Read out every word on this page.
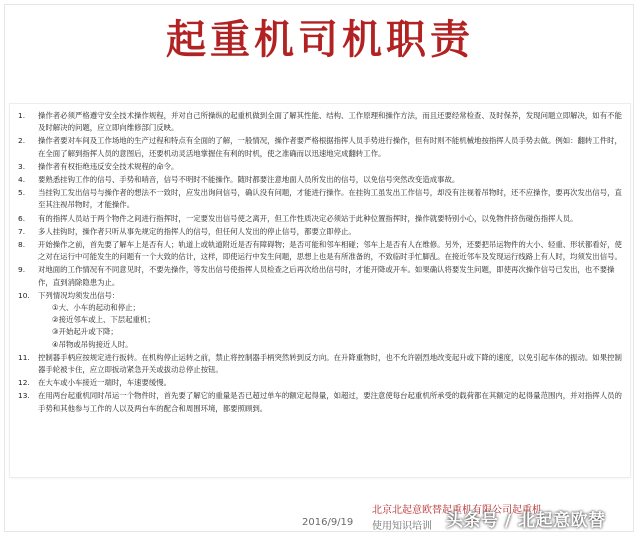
起重机司机职责
1. 操作者必须严格遵守安全技术操作规程，并对自己所操纵的起重机做到全面了解其性能、结构、工作原理和操作方法，而且还要经常检查、及时保养，发现问题立即解决，如有不能及时解决的问题，应立即向维修部门反映。
2. 操作者要对车间及工作场地的生产过程和特点有全面的了解，一般情况，操作者要严格根据指挥人员手势进行操作，但有时则不能机械地按指挥人员手势去做。例如：翻转工件时，在全面了解到指挥人员的意图后，还要机动灵活地掌握住有利的时机，使之准确而以迅速地完成翻转工作。
3. 操作者有权拒绝违反安全技术规程的命令。
4. 要熟悉挂钩工作的信号、手势和哨音，信号不明时不能操作。随时都要注意地面人员所发出的信号，以免信号突然改变造成事故。
5. 当挂钩工发出信号与操作者的想法不一致时，应发出询问信号，确认没有问题，才能进行操作。在挂钩工虽发出工作信号，却没有注视着吊物时，还不应操作，要再次发出信号，直至其注视吊物时，才能操作。
6. 有的指挥人员站于两个物件之间进行指挥时，一定要发出信号使之离开，但工作性质决定必须站于此种位置指挥时，操作就要特别小心，以免物件挤伤碰伤指挥人员。
7. 多人挂钩时，操作者只听从事先规定的指挥人的信号，但任何人发出的停止信号，都要立即停止。
8. 开始操作之前，首先要了解车上是否有人；轨道上或轨道附近是否有障碍物；是否可能和邻车相碰；邻车上是否有人在维修。另外，还要把吊运物件的大小、轻重、形状都看好，使之对在运行中可能发生的问题有一个大致的估计，这样，即使运行中发生问题，思想上也是有所准备的，不致临时手忙脚乱。在接近邻车及发现运行线路上有人时，均须发出信号。
9. 对地面的工作情况有不同意见时，不要先操作，等发出信号使指挥人员检查之后再次给出信号时，才能开降或开车。如果确认将要发生问题，即使再次操作信号已发出，也不要操作，直到消除隐患为止。
10. 下列情况均须发出信号：
①大、小车的起动和停止；
②接近邻车或上、下层起重机；
③开始起升或下降；
④吊物或吊钩接近人时。
11. 控制器手柄应按规定进行扳转。在机构停止运转之前，禁止将控制器手柄突然转到反方向。在升降重物时，也不允许剧烈地改变起升或下降的速度，以免引起车体的振动。如果控制器手轮被卡住，应立即扳动紧急开关或拔动总停止按钮。
12. 在大车或小车接近一端时，车速要缓慢。
13. 在用两台起重机同时吊运一个物件时，首先要了解它的重量是否已超过单车的额定起得量，如超过，要注意使每台起重机所承受的载荷都在其额定的起得量范围内，并对指挥人员的手势和其他参与工作的人以及两台车的配合和周围环境，都要照顾到。
北京北起意欧替起重机有限公司起重机
2016/9/19 使用知识培训 头条号 / 北起意欧替
